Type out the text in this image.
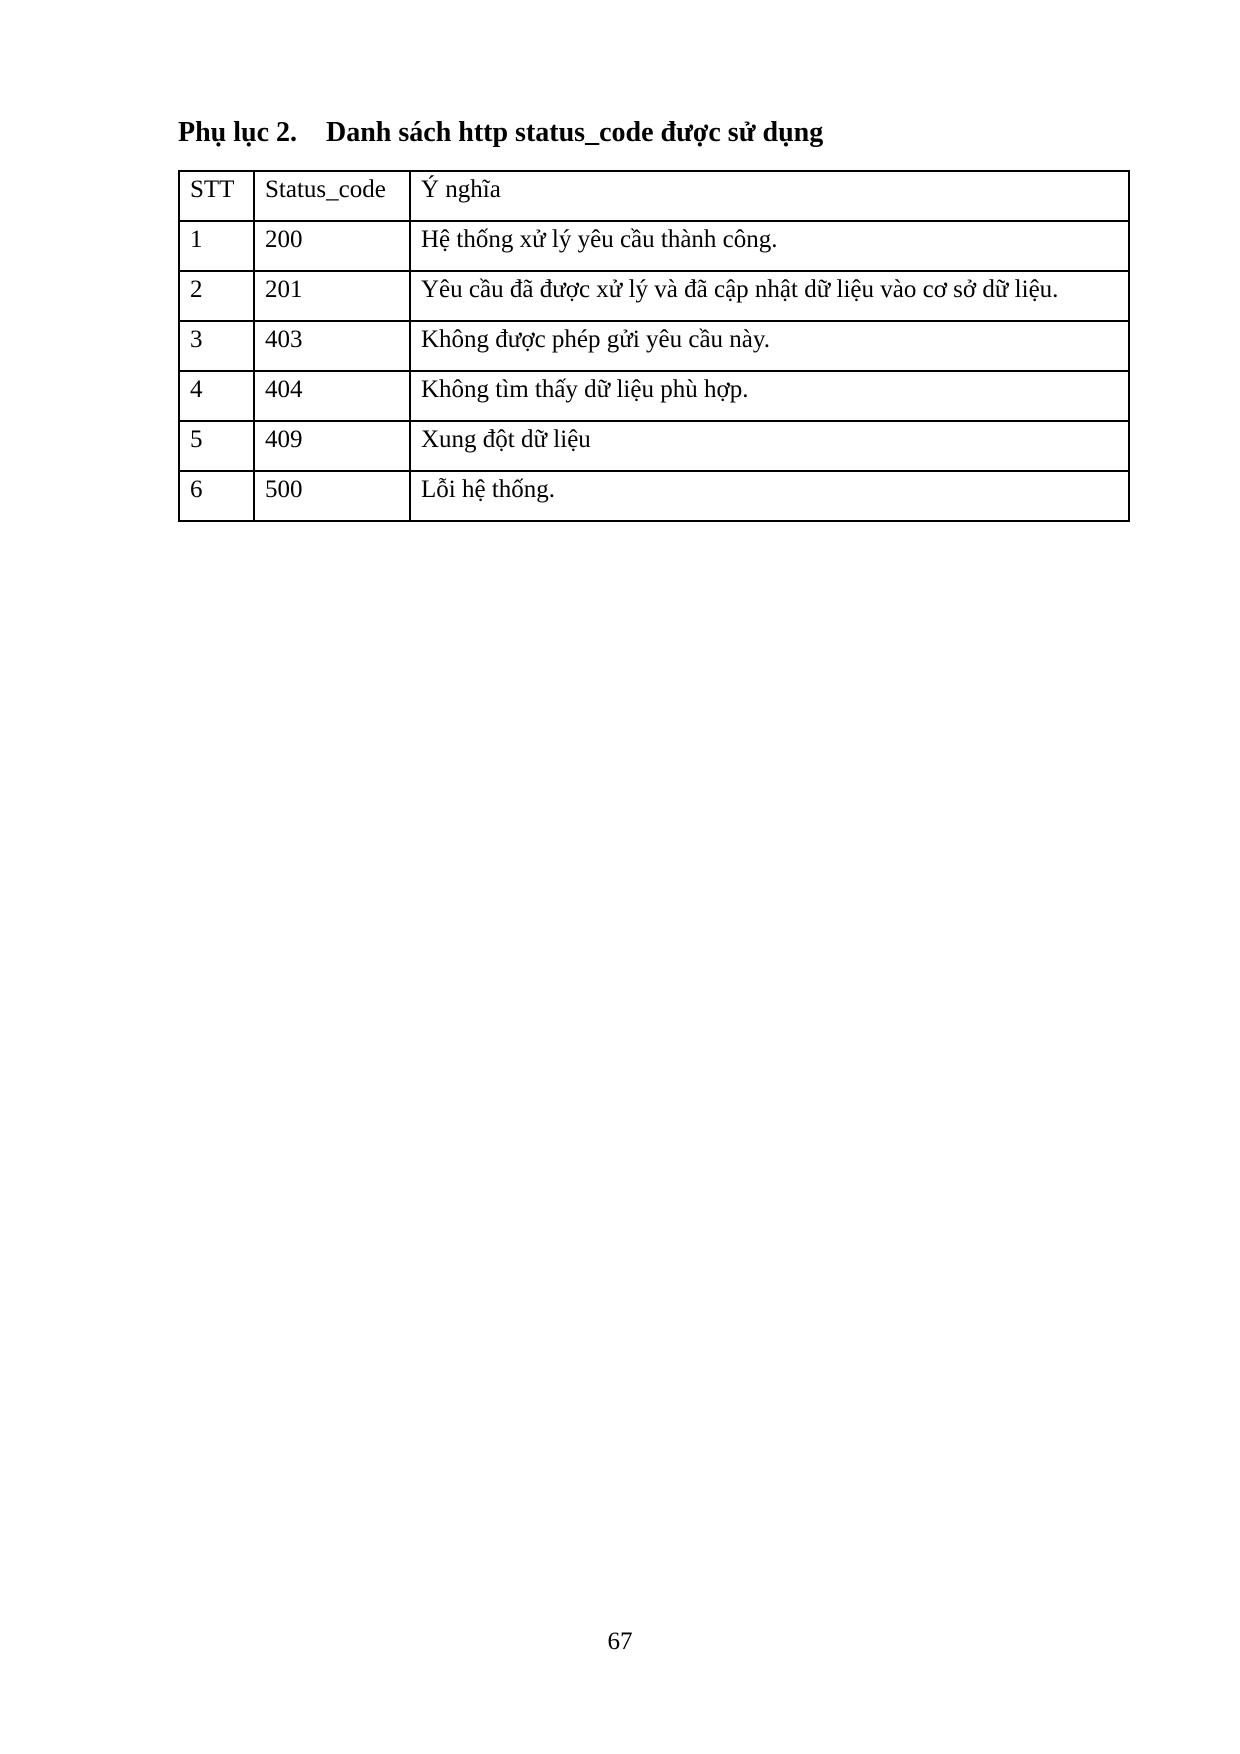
Phụ lục 2. Danh sách http status_code được sử dụng
STT	Status_code	Ý nghĩa
1	200	Hệ thống xử lý yêu cầu thành công.
2	201	Yêu cầu đã được xử lý và đã cập nhật dữ liệu vào cơ sở dữ liệu.
3	403	Không được phép gửi yêu cầu này.
4	404	Không tìm thấy dữ liệu phù hợp.
5	409	Xung đột dữ liệu
6	500	Lỗi hệ thống.
67
